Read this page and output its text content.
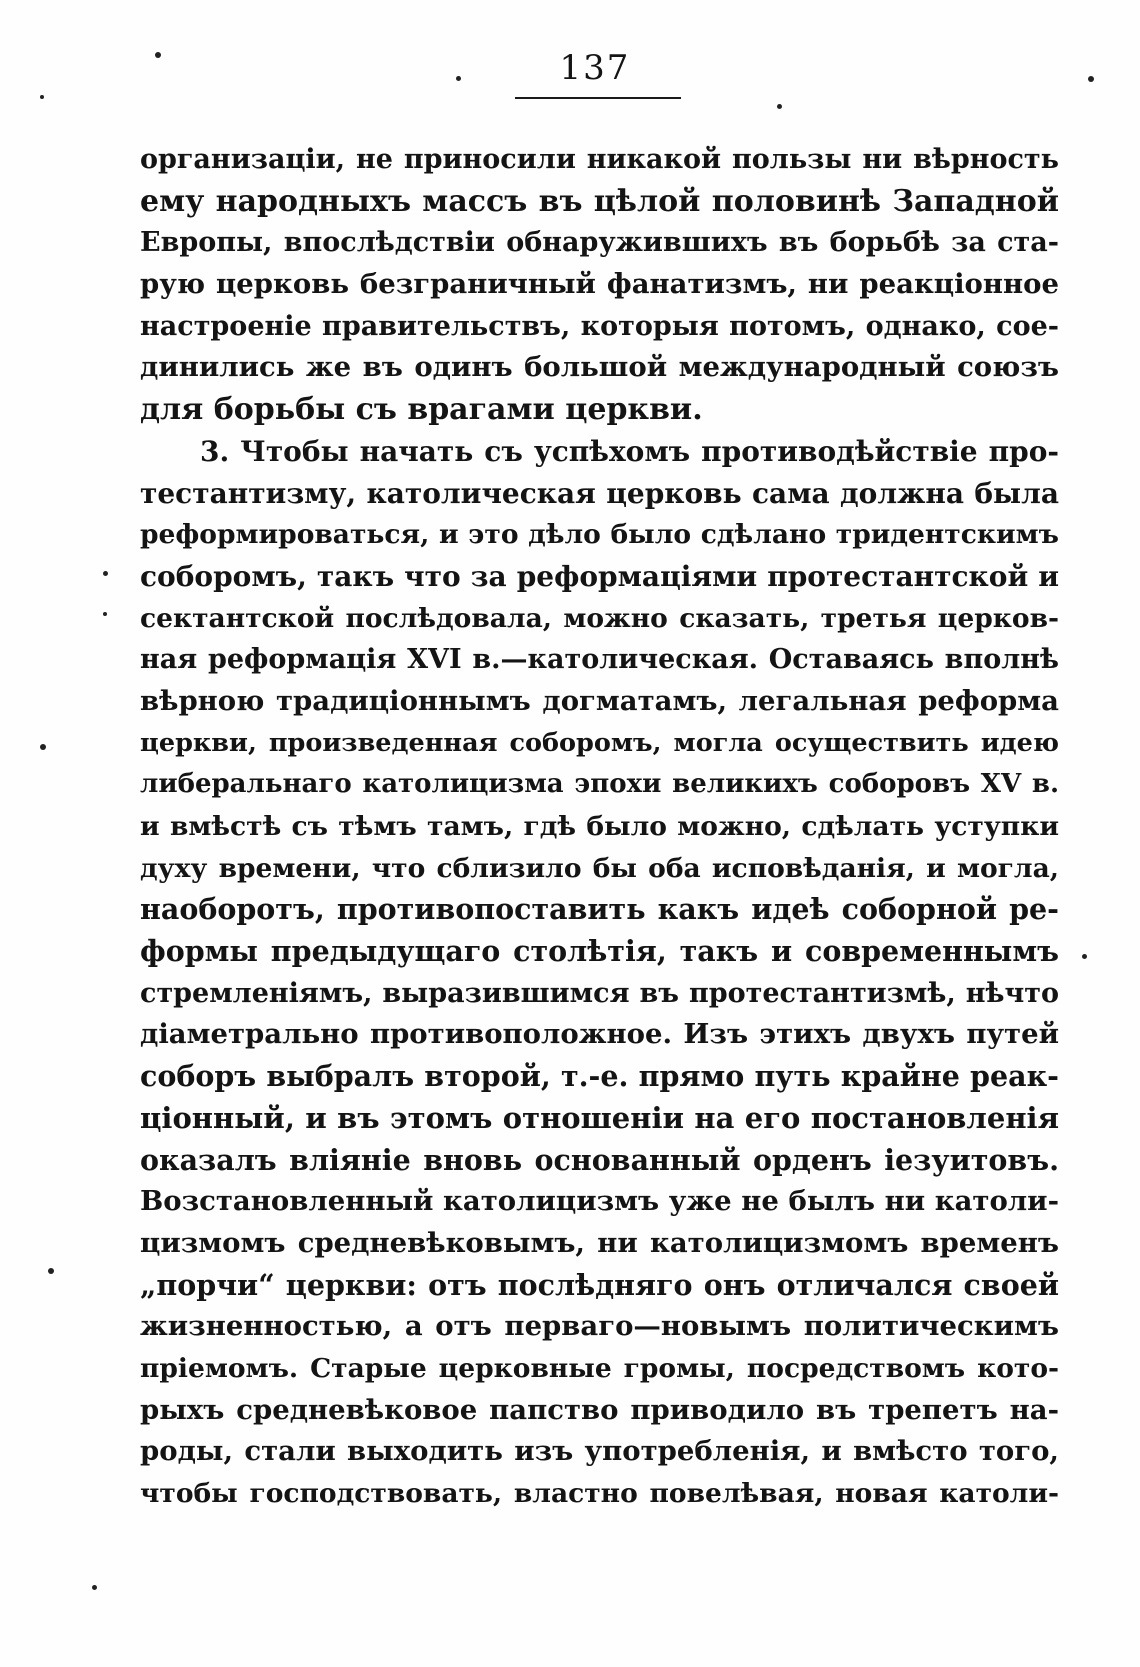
137
организаціи, не приносили никакой пользы ни вѣрность
ему народныхъ массъ въ цѣлой половинѣ Западной
Европы, впослѣдствіи обнаружившихъ въ борьбѣ за ста-
рую церковь безграничный фанатизмъ, ни реакціонное
настроеніе правительствъ, которыя потомъ, однако, сое-
динились же въ одинъ большой международный союзъ
для борьбы съ врагами церкви.
3. Чтобы начать съ успѣхомъ противодѣйствіе про-
тестантизму, католическая церковь сама должна была
реформироваться, и это дѣло было сдѣлано тридентскимъ
соборомъ, такъ что за реформаціями протестантской и
сектантской послѣдовала, можно сказать, третья церков-
ная реформація XVI в.—католическая. Оставаясь вполнѣ
вѣрною традиціоннымъ догматамъ, легальная реформа
церкви, произведенная соборомъ, могла осуществить идею
либеральнаго католицизма эпохи великихъ соборовъ XV в.
и вмѣстѣ съ тѣмъ тамъ, гдѣ было можно, сдѣлать уступки
духу времени, что сблизило бы оба исповѣданія, и могла,
наоборотъ, противопоставить какъ идеѣ соборной ре-
формы предыдущаго столѣтія, такъ и современнымъ
стремленіямъ, выразившимся въ протестантизмѣ, нѣчто
діаметрально противоположное. Изъ этихъ двухъ путей
соборъ выбралъ второй, т.-е. прямо путь крайне реак-
ціонный, и въ этомъ отношеніи на его постановленія
оказалъ вліяніе вновь основанный орденъ іезуитовъ.
Возстановленный католицизмъ уже не былъ ни католи-
цизмомъ средневѣковымъ, ни католицизмомъ временъ
„порчи“ церкви: отъ послѣдняго онъ отличался своей
жизненностью, а отъ перваго—новымъ политическимъ
пріемомъ. Старые церковные громы, посредствомъ кото-
рыхъ средневѣковое папство приводило въ трепетъ на-
роды, стали выходить изъ употребленія, и вмѣсто того,
чтобы господствовать, властно повелѣвая, новая католи-
